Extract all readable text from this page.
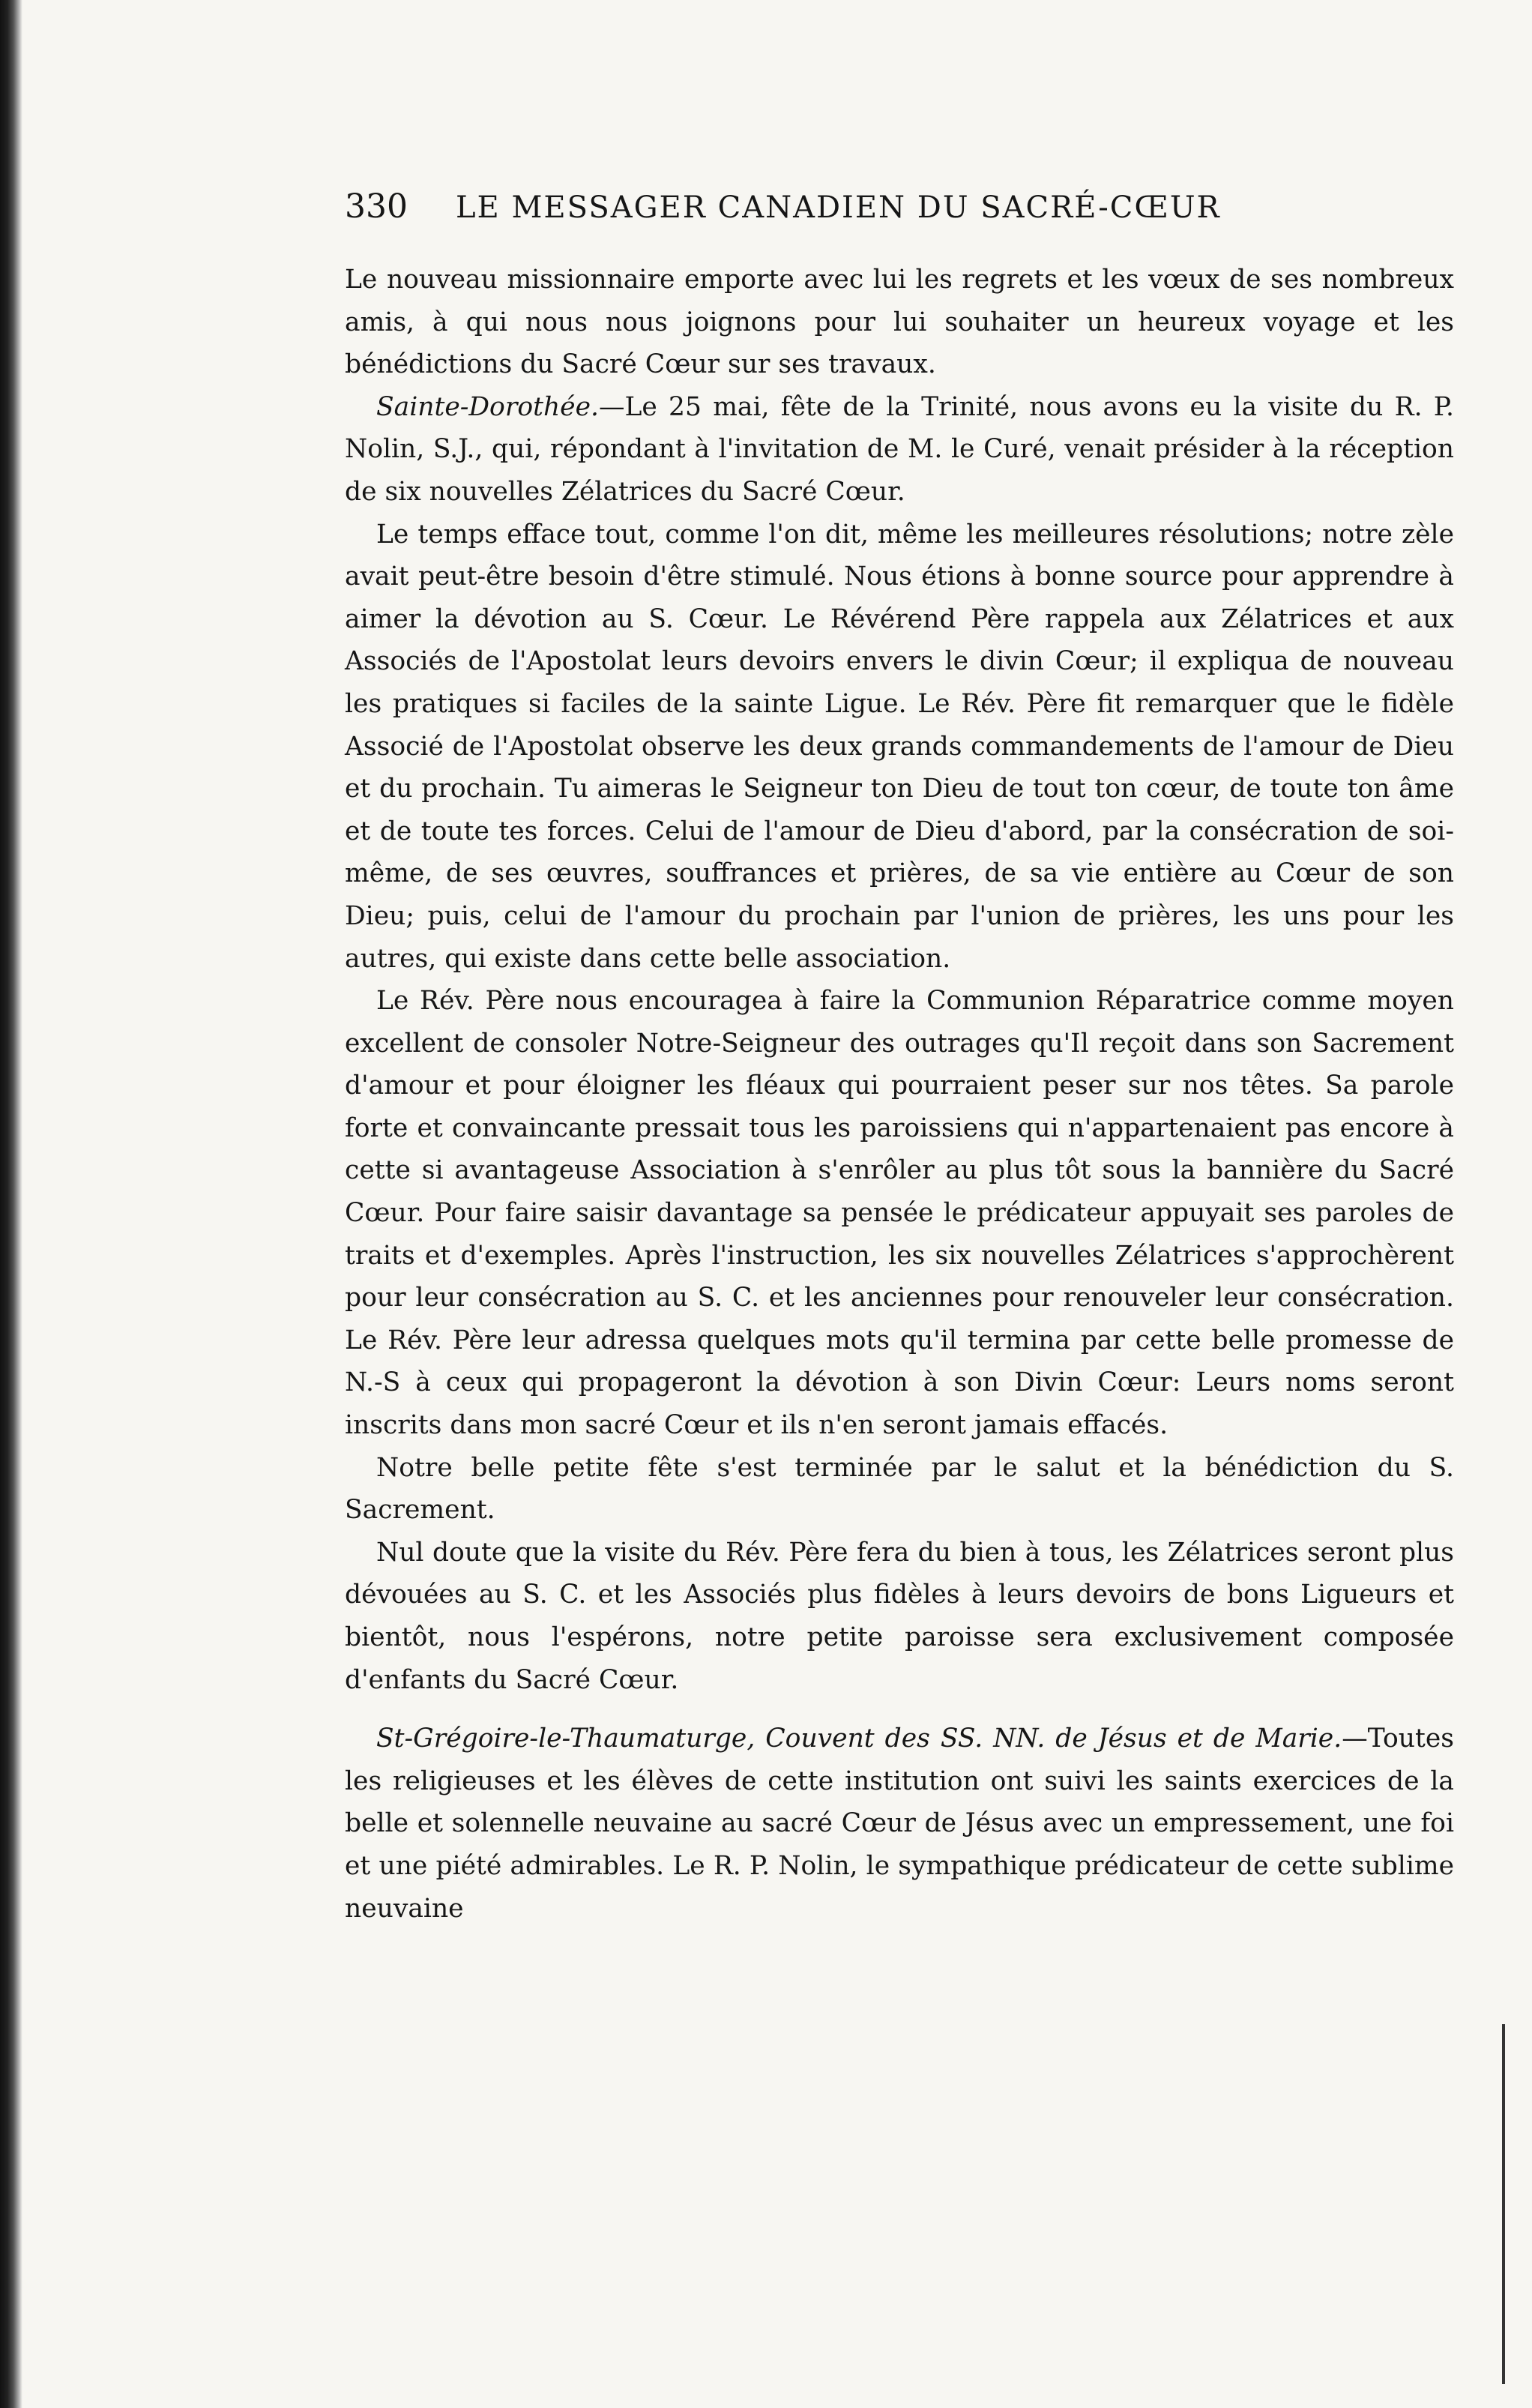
330 LE MESSAGER CANADIEN DU SACRÉ-CŒUR

Le nouveau missionnaire emporte avec lui les regrets et les vœux de ses nombreux amis, à qui nous nous joignons pour lui souhaiter un heureux voyage et les bénédictions du Sacré Cœur sur ses travaux.

Sainte-Dorothée.—Le 25 mai, fête de la Trinité, nous avons eu la visite du R. P. Nolin, S.J., qui, répondant à l'invitation de M. le Curé, venait présider à la réception de six nouvelles Zélatrices du Sacré Cœur.

Le temps efface tout, comme l'on dit, même les meilleures résolutions; notre zèle avait peut-être besoin d'être stimulé. Nous étions à bonne source pour apprendre à aimer la dévotion au S. Cœur. Le Révérend Père rappela aux Zélatrices et aux Associés de l'Apostolat leurs devoirs envers le divin Cœur; il expliqua de nouveau les pratiques si faciles de la sainte Ligue. Le Rév. Père fit remarquer que le fidèle Associé de l'Apostolat observe les deux grands commandements de l'amour de Dieu et du prochain. Tu aimeras le Seigneur ton Dieu de tout ton cœur, de toute ton âme et de toute tes forces. Celui de l'amour de Dieu d'abord, par la consécration de soi-même, de ses œuvres, souffrances et prières, de sa vie entière au Cœur de son Dieu; puis, celui de l'amour du prochain par l'union de prières, les uns pour les autres, qui existe dans cette belle association.

Le Rév. Père nous encouragea à faire la Communion Réparatrice comme moyen excellent de consoler Notre-Seigneur des outrages qu'Il reçoit dans son Sacrement d'amour et pour éloigner les fléaux qui pourraient peser sur nos têtes. Sa parole forte et convaincante pressait tous les paroissiens qui n'appartenaient pas encore à cette si avantageuse Association à s'enrôler au plus tôt sous la bannière du Sacré Cœur. Pour faire saisir davantage sa pensée le prédicateur appuyait ses paroles de traits et d'exemples. Après l'instruction, les six nouvelles Zélatrices s'approchèrent pour leur consécration au S. C. et les anciennes pour renouveler leur consécration. Le Rév. Père leur adressa quelques mots qu'il termina par cette belle promesse de N.-S à ceux qui propageront la dévotion à son Divin Cœur: Leurs noms seront inscrits dans mon sacré Cœur et ils n'en seront jamais effacés.

Notre belle petite fête s'est terminée par le salut et la bénédiction du S. Sacrement.

Nul doute que la visite du Rév. Père fera du bien à tous, les Zélatrices seront plus dévouées au S. C. et les Associés plus fidèles à leurs devoirs de bons Ligueurs et bientôt, nous l'espérons, notre petite paroisse sera exclusivement composée d'enfants du Sacré Cœur.

St-Grégoire-le-Thaumaturge, Couvent des SS. NN. de Jésus et de Marie.—Toutes les religieuses et les élèves de cette institution ont suivi les saints exercices de la belle et solennelle neuvaine au sacré Cœur de Jésus avec un empressement, une foi et une piété admirables. Le R. P. Nolin, le sympathique prédicateur de cette sublime neuvaine
